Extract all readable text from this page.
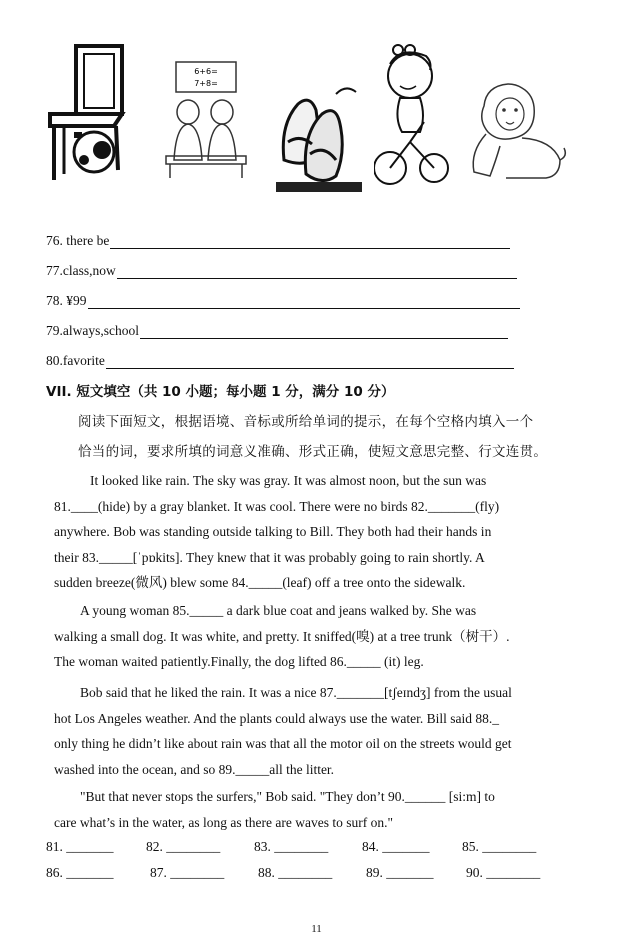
6+6=
7+8=
76. there be
77.class,now
78. ¥99
79.always,school
80.favorite
VII. 短文填空（共 10 小题；每小题 1 分，满分 10 分）
阅读下面短文，根据语境、音标或所给单词的提示，在每个空格内填入一个
恰当的词，要求所填的词意义准确、形式正确，使短文意思完整、行文连贯。

It looked like rain. The sky was gray. It was almost noon, but the sun was

81.____(hide) by a gray blanket. It was cool. There were no birds 82._______(fly)

anywhere. Bob was standing outside talking to Bill. They both had their hands in

their 83._____[ˈpɒkits]. They knew that it was probably going to rain shortly. A

sudden breeze(微风) blew some 84._____(leaf) off a tree onto the sidewalk.

A young woman 85._____ a dark blue coat and jeans walked by. She was

walking a small dog. It was white, and pretty. It sniffed(嗅) at a tree trunk（树干）.

The woman waited patiently.Finally, the dog lifted 86._____ (it) leg.

Bob said that he liked the rain. It was a nice 87._______[tʃeɪndʒ] from the usual

hot Los Angeles weather. And the plants could always use the water. Bill said 88._

only thing he didn’t like about rain was that all the motor oil on the streets would get

washed into the ocean, and so 89._____all the litter.

"But that never stops the surfers," Bob said. "They don’t 90.______ [si:m] to

care what’s in the water, as long as there are waves to surf on."

81. _______ 82. ________	83. ________	84. _______ 85. ________
86. _______	87. ________	88. ________	89. _______ 90. ________
11
